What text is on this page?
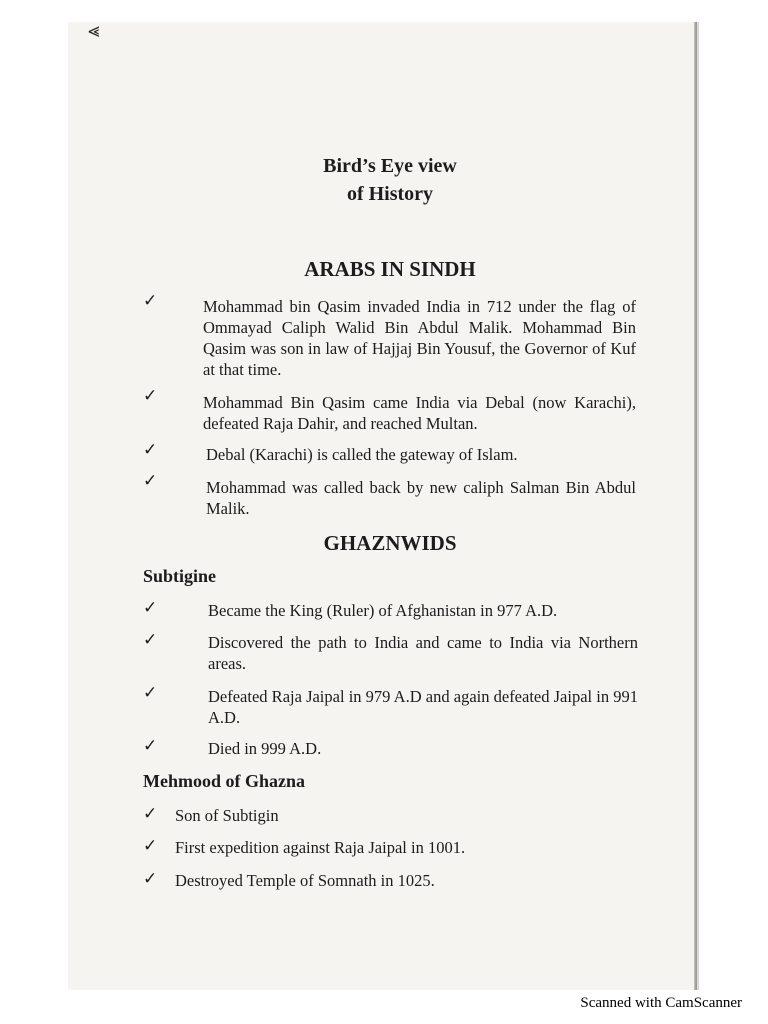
⪡
Bird’s Eye view
of History
ARABS IN SINDH
✓	Mohammad bin Qasim invaded India in 712 under the flag of Ommayad Caliph Walid Bin Abdul Malik. Mohammad Bin Qasim was son in law of Hajjaj Bin Yousuf, the Governor of Kuf at that time.
✓	Mohammad Bin Qasim came India via Debal (now Karachi), defeated Raja Dahir, and reached Multan.
✓	Debal (Karachi) is called the gateway of Islam.
✓	Mohammad was called back by new caliph Salman Bin Abdul Malik.
GHAZNWIDS
Subtigine
✓	Became the King (Ruler) of Afghanistan in 977 A.D.
✓	Discovered the path to India and came to India via Northern areas.
✓	Defeated Raja Jaipal in 979 A.D and again defeated Jaipal in 991 A.D.
✓	Died in 999 A.D.
Mehmood of Ghazna
✓ Son of Subtigin
✓ First expedition against Raja Jaipal in 1001.
✓ Destroyed Temple of Somnath in 1025.
Scanned with CamScanner
